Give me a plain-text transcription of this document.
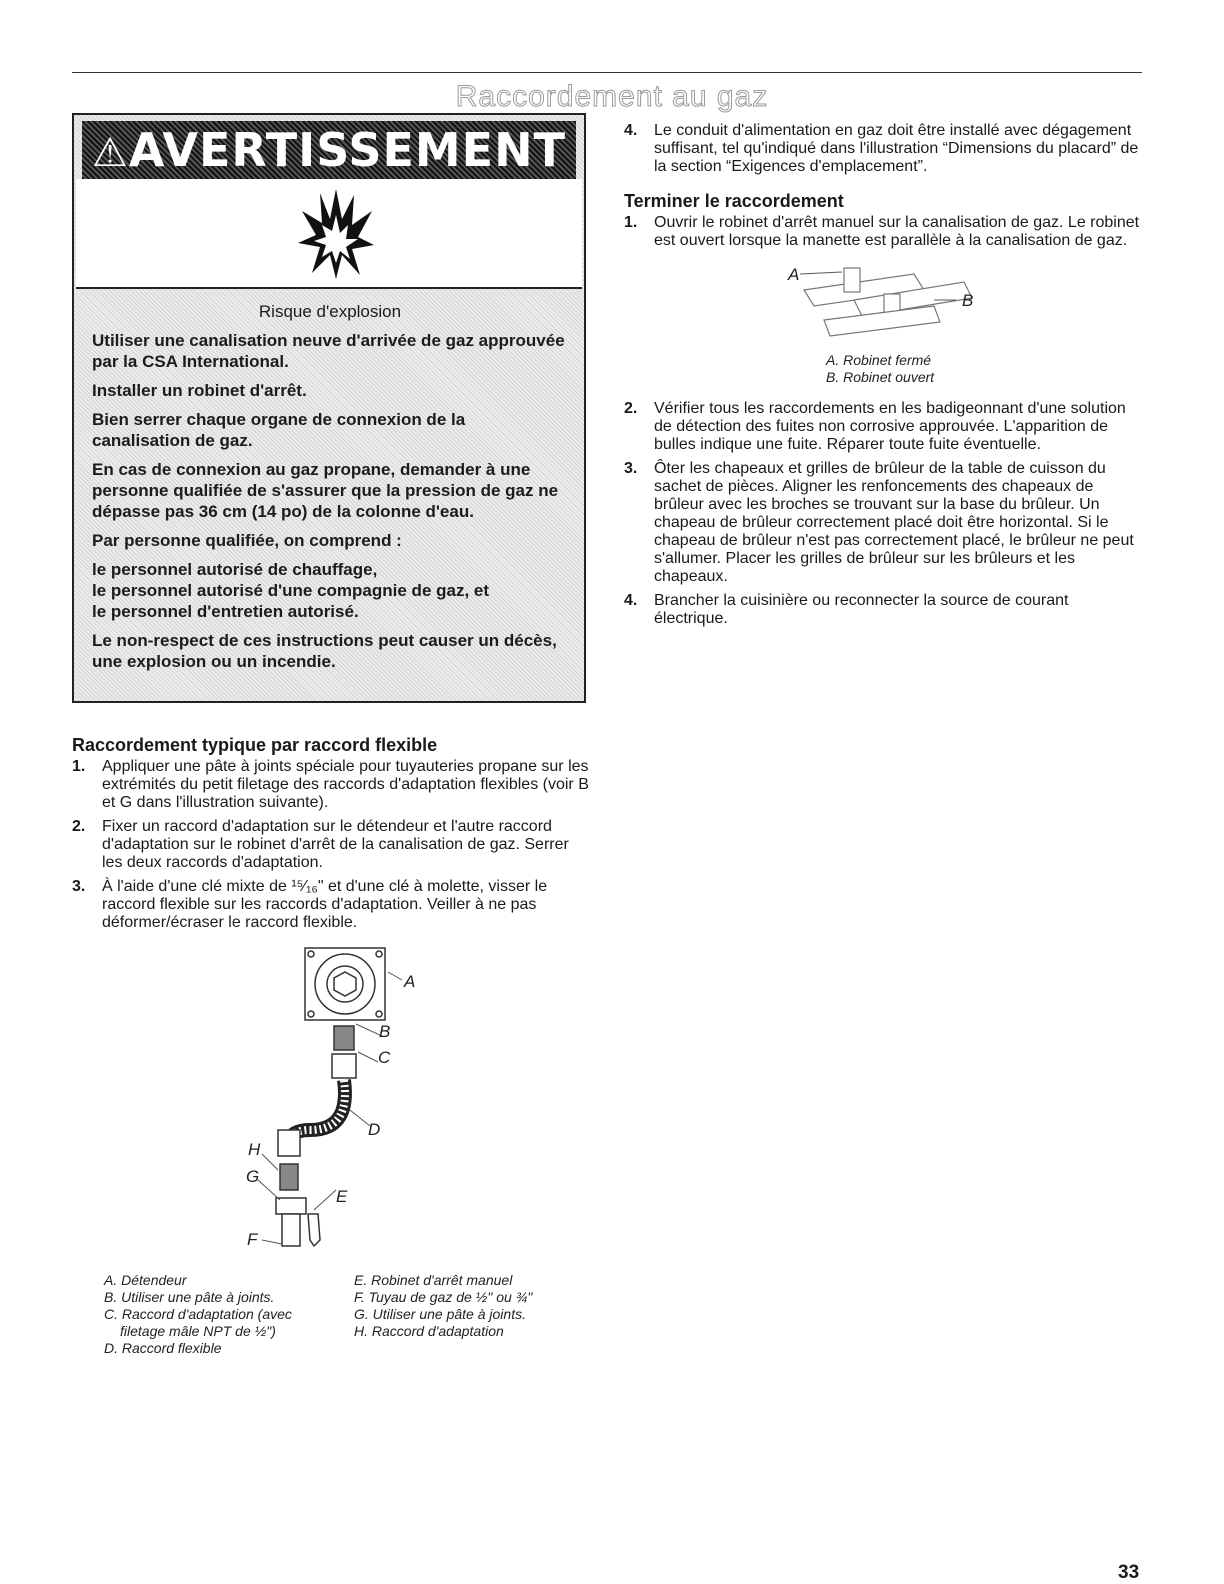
Raccordement au gaz
⚠AVERTISSEMENT

Risque d'explosion

Utiliser une canalisation neuve d'arrivée de gaz approuvée par la CSA International.

Installer un robinet d'arrêt.

Bien serrer chaque organe de connexion de la canalisation de gaz.

En cas de connexion au gaz propane, demander à une personne qualifiée de s'assurer que la pression de gaz ne dépasse pas 36 cm (14 po) de la colonne d'eau.

Par personne qualifiée, on comprend :

le personnel autorisé de chauffage,
le personnel autorisé d'une compagnie de gaz, et
le personnel d'entretien autorisé.

Le non-respect de ces instructions peut causer un décès, une explosion ou un incendie.

Raccordement typique par raccord flexible
1. Appliquer une pâte à joints spéciale pour tuyauteries propane sur les extrémités du petit filetage des raccords d'adaptation flexibles (voir B et G dans l'illustration suivante).
2. Fixer un raccord d'adaptation sur le détendeur et l'autre raccord d'adaptation sur le robinet d'arrêt de la canalisation de gaz. Serrer les deux raccords d'adaptation.
3. À l'aide d'une clé mixte de ¹⁵⁄₁₆" et d'une clé à molette, visser le raccord flexible sur les raccords d'adaptation. Veiller à ne pas déformer/écraser le raccord flexible.
A
B
C
D
E
F
G
H
A. Détendeur
B. Utiliser une pâte à joints.
C. Raccord d'adaptation (avec filetage mâle NPT de ½")
D. Raccord flexible
E. Robinet d'arrêt manuel
F. Tuyau de gaz de ½" ou ¾"
G. Utiliser une pâte à joints.
H. Raccord d'adaptation
4. Le conduit d'alimentation en gaz doit être installé avec dégagement suffisant, tel qu'indiqué dans l'illustration “Dimensions du placard” de la section “Exigences d'emplacement”.
Terminer le raccordement
1. Ouvrir le robinet d'arrêt manuel sur la canalisation de gaz. Le robinet est ouvert lorsque la manette est parallèle à la canalisation de gaz.
A
B
A. Robinet fermé
B. Robinet ouvert
2. Vérifier tous les raccordements en les badigeonnant d'une solution de détection des fuites non corrosive approuvée. L'apparition de bulles indique une fuite. Réparer toute fuite éventuelle.
3. Ôter les chapeaux et grilles de brûleur de la table de cuisson du sachet de pièces. Aligner les renfoncements des chapeaux de brûleur avec les broches se trouvant sur la base du brûleur. Un chapeau de brûleur correctement placé doit être horizontal. Si le chapeau de brûleur n'est pas correctement placé, le brûleur ne peut s'allumer. Placer les grilles de brûleur sur les brûleurs et les chapeaux.
4. Brancher la cuisinière ou reconnecter la source de courant électrique.
33
